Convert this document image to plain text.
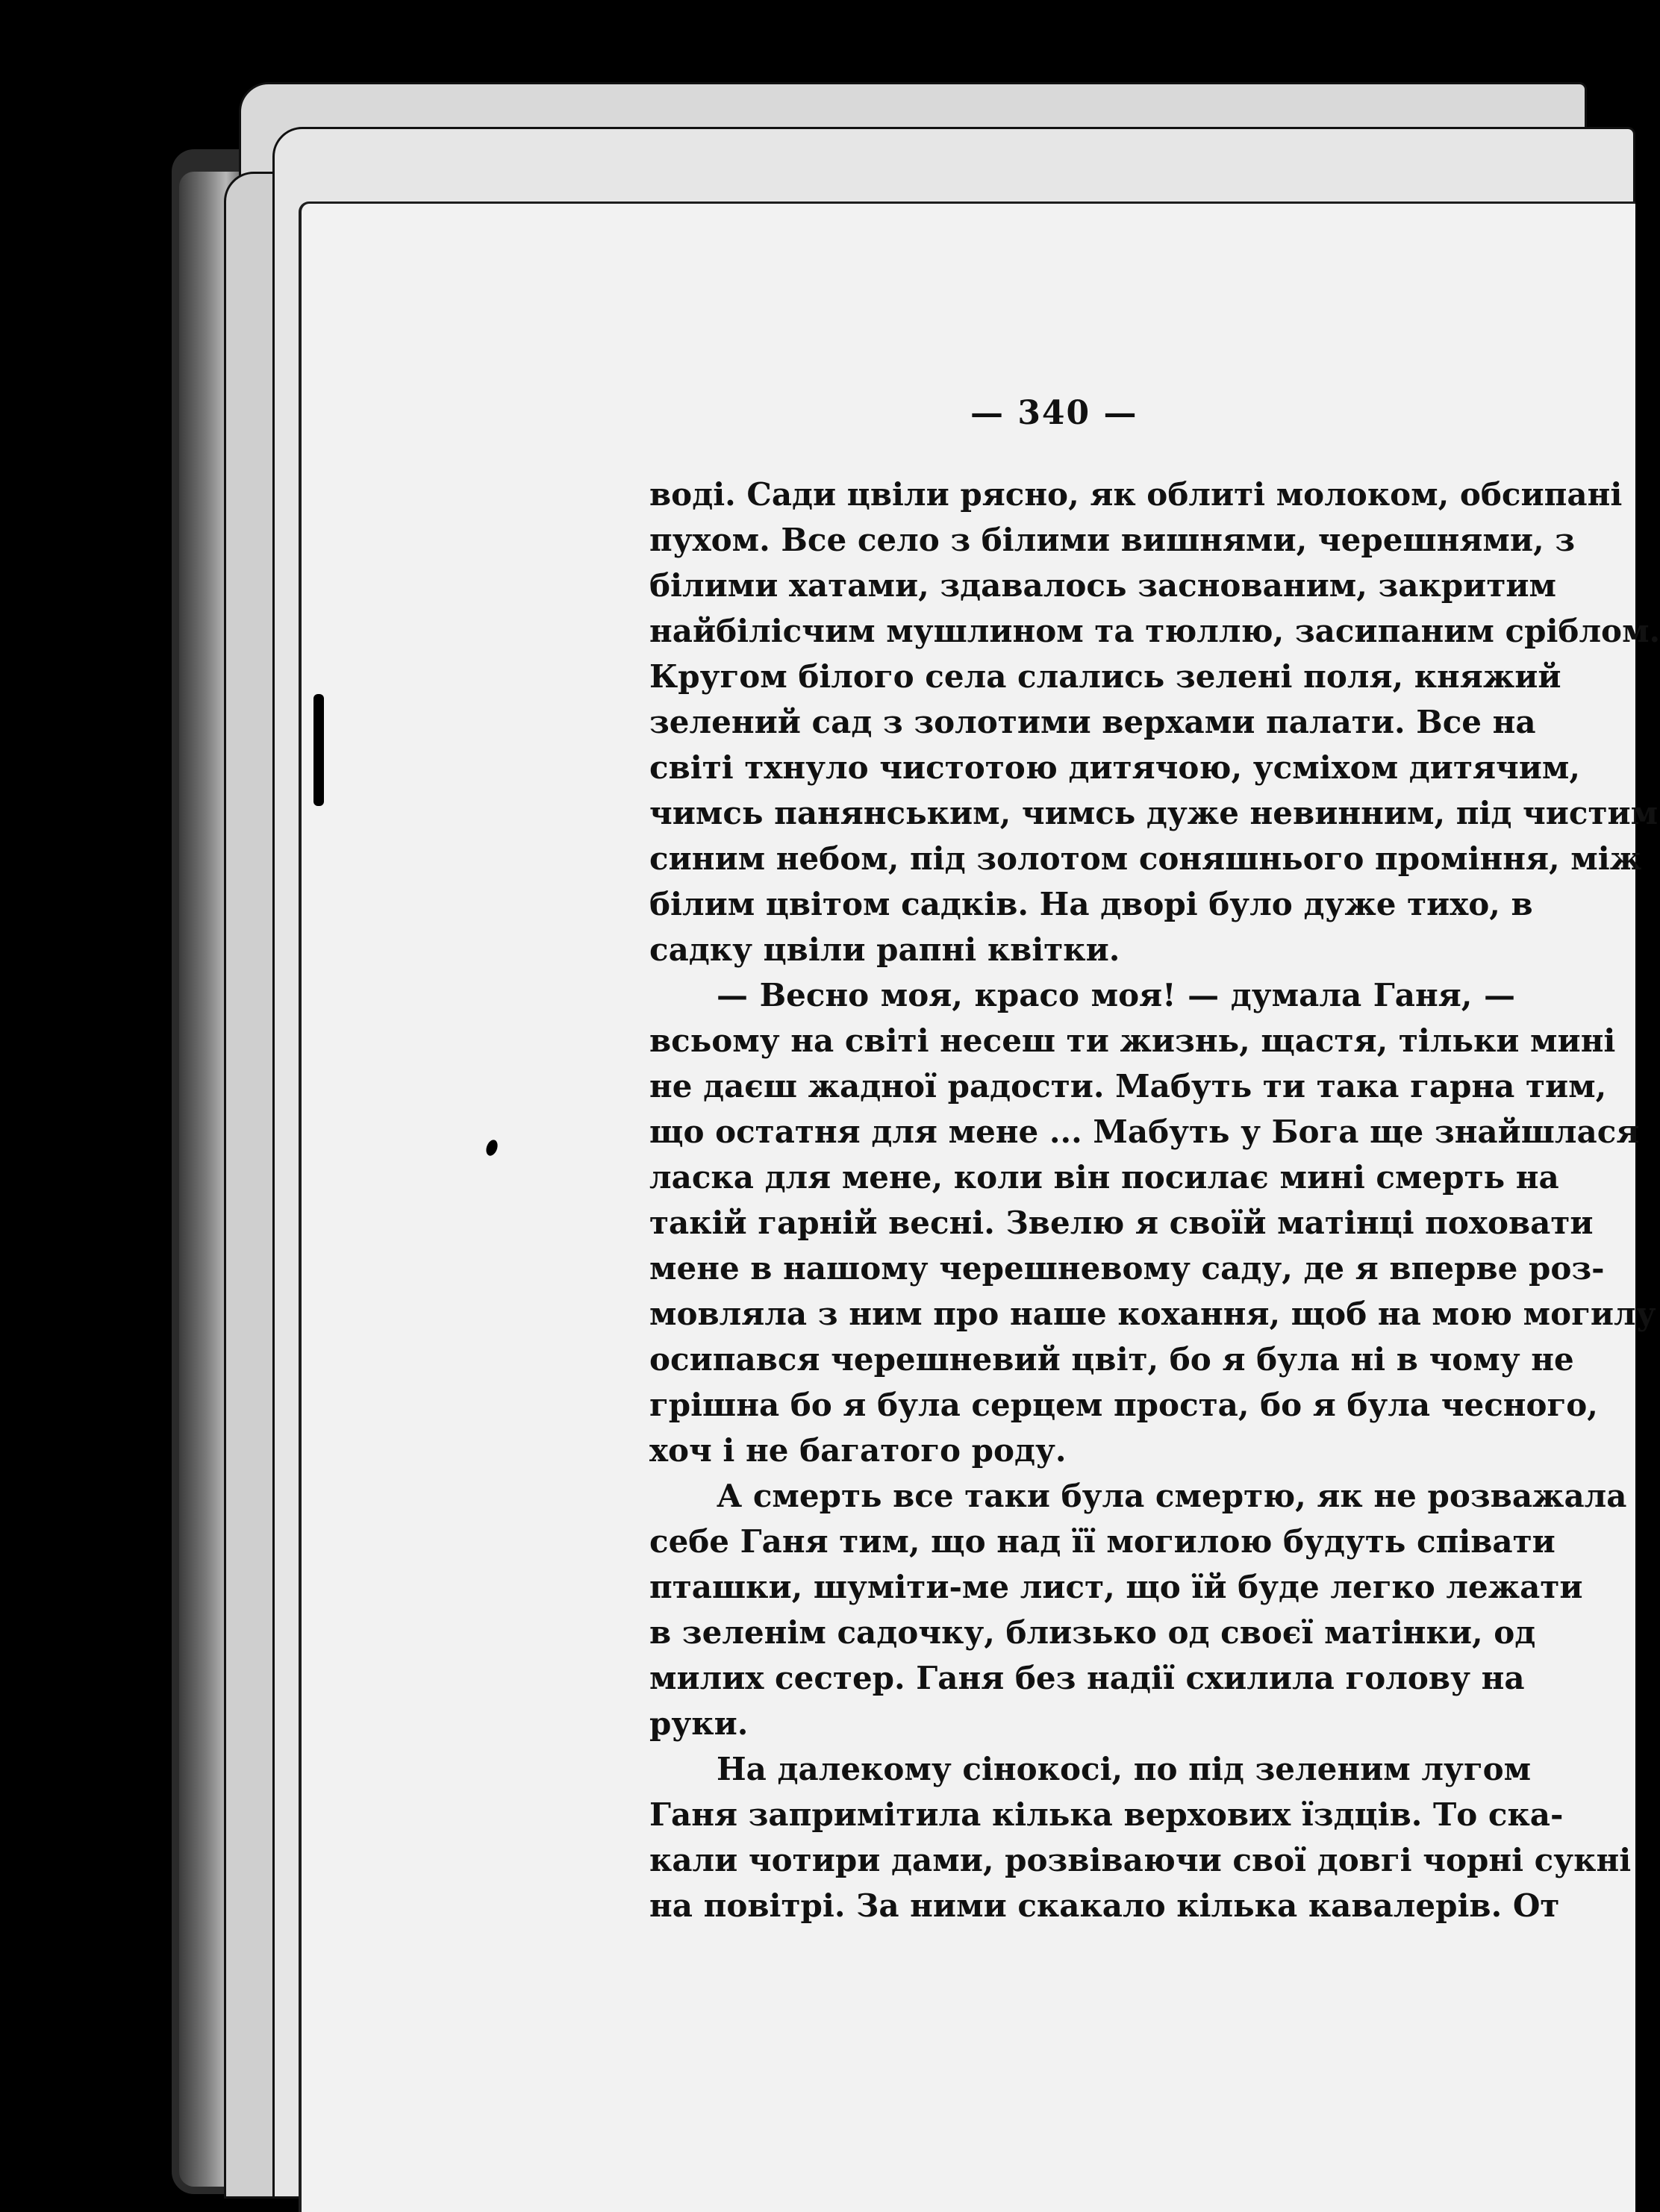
— 340 —
воді. Сади цвіли рясно, як облиті молоком, обсипані
пухом. Все село з білими вишнями, черешнями, з
білими хатами, здавалось заснованим, закритим
найбілісчим мушлином та тюллю, засипаним сріблом.
Кругом білого села слались зелені поля, княжий
зелений сад з золотими верхами палати. Все на
світі тхнуло чистотою дитячою, усміхом дитячим,
чимсь панянським, чимсь дуже невинним, під чистим
синим небом, під золотом соняшнього проміння, між
білим цвітом садків. На дворі було дуже тихо, в
садку цвіли рапні квітки.
— Весно моя, красо моя! — думала Ганя, —
всьому на світі несеш ти жизнь, щастя, тільки мині
не даєш жадної радости. Мабуть ти така гарна тим,
що остатня для мене ... Мабуть у Бога ще знайшлася
ласка для мене, коли він посилає мині смерть на
такій гарній весні. Звелю я своїй матінці поховати
мене в нашому черешневому саду, де я вперве роз-
мовляла з ним про наше кохання, щоб на мою могилу
осипався черешневий цвіт, бо я була ні в чому не
грішна бо я була серцем проста, бо я була чесного,
хоч і не багатого роду.
А смерть все таки була смертю, як не розважала
себе Ганя тим, що над її могилою будуть співати
пташки, шуміти-ме лист, що їй буде легко лежати
в зеленім садочку, близько од своєї матінки, од
милих сестер. Ганя без надії схилила голову на
руки.
На далекому сінокосі, по під зеленим лугом
Ганя запримітила кілька верхових їздців. То ска-
кали чотири дами, розвіваючи свої довгі чорні сукні
на повітрі. За ними скакало кілька кавалерів. От
